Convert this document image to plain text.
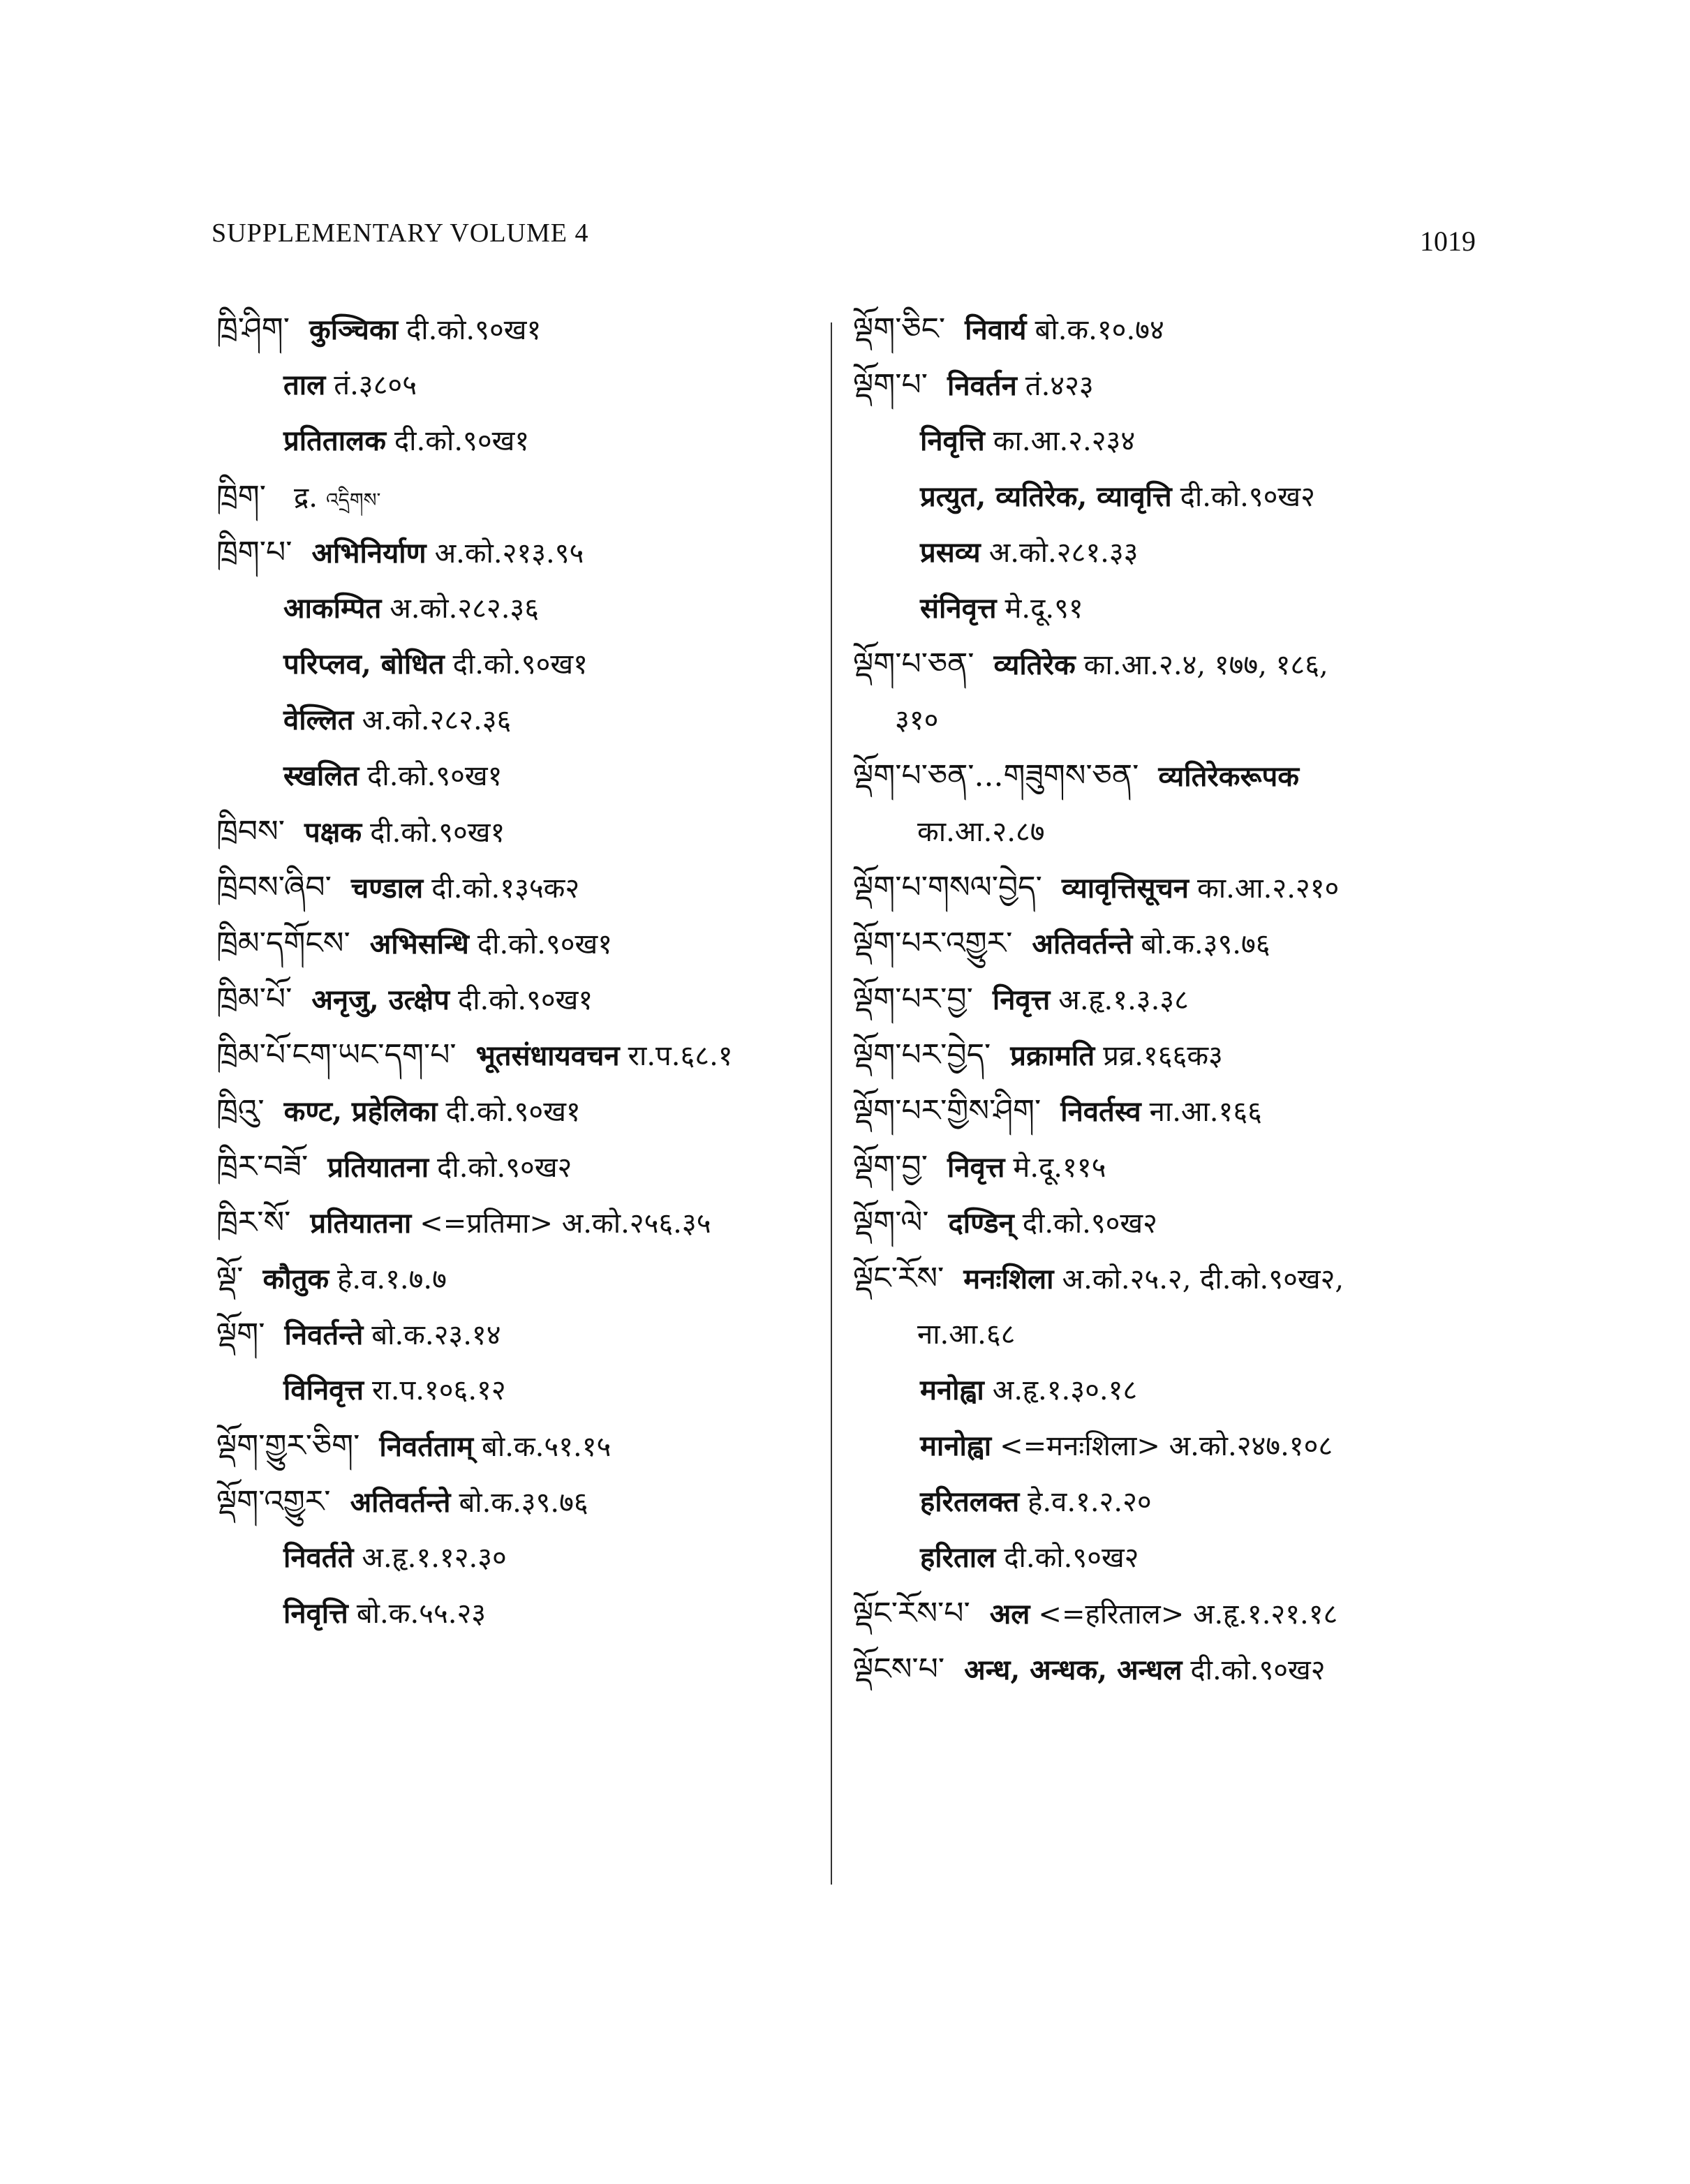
SUPPLEMENTARY VOLUME 4	1019
ཁྲི་ཤིག་ कुञ्चिका दी.को.९०ख१
ताल तं.३८०५
प्रतितालक दी.को.९०ख१
ཁྲིག་ द्र. འདྲིགས་
ཁྲིག་པ་ अभिनिर्याण अ.को.२१३.९५
आकम्पित अ.को.२८२.३६
परिप्लव, बोधित दी.को.९०ख१
वेल्लित अ.को.२८२.३६
स्खलित दी.को.९०ख१
ཁྲིབས་ पक्षक दी.को.९०ख१
ཁྲིབས་ཞིབ་ चण्डाल दी.को.१३५क२
ཁྲིམ་དགོངས་ अभिसन्धि दी.को.९०ख१
ཁྲིམ་པོ་ अनृजु, उत्क्षेप दी.को.९०ख१
ཁྲིམ་པོ་ངག་ཡང་དག་པ་ भूतसंधायवचन रा.प.६८.१
ཁྲིའུ་ कण्ट, प्रहेलिका दी.को.९०ख१
ཁྲིར་བཟོ་ प्रतियातना दी.को.९०ख२
ཁྲིར་སོ་ प्रतियातना <=प्रतिमा> अ.को.२५६.३५
ལྡོ་ कौतुक हे.व.१.७.७
ལྡོག་ निवर्तन्ते बो.क.२३.१४
विनिवृत्त रा.प.१०६.१२
ལྡོག་གྱུར་ཅིག་ निवर्तताम् बो.क.५१.१५
ལྡོག་འགྱུར་ अतिवर्तन्ते बो.क.३९.७६
निवर्तते अ.हृ.१.१२.३०
निवृत्ति बो.क.५५.२३
ལྡོག་ཅིང་ निवार्य बो.क.१०.७४
ལྡོག་པ་ निवर्तन तं.४२३
निवृत्ति का.आ.२.२३४
प्रत्युत, व्यतिरेक, व्यावृत्ति दी.को.९०ख२
प्रसव्य अ.को.२८१.३३
संनिवृत्त मे.दू.९१
ལྡོག་པ་ཅན་ व्यतिरेक का.आ.२.४, १७७, १८६,
३१०
ལྡོག་པ་ཅན་...གཟུགས་ཅན་ व्यतिरेकरूपक
का.आ.२.८७
ལྡོག་པ་གསལ་བྱེད་ व्यावृत्तिसूचन का.आ.२.२१०
ལྡོག་པར་འགྱུར་ अतिवर्तन्ते बो.क.३९.७६
ལྡོག་པར་བྱ་ निवृत्त अ.हृ.१.३.३८
ལྡོག་པར་བྱེད་ प्रक्रामति प्रव्र.१६६क३
ལྡོག་པར་གྱིས་ཤིག་ निवर्तस्व ना.आ.१६६
ལྡོག་བྱ་ निवृत्त मे.दू.११५
ལྡོག་ལེ་ दण्डिन् दी.को.९०ख२
ལྡོང་རོས་ मनःशिला अ.को.२५.२, दी.को.९०ख२,
ना.आ.६८
मनोह्वा अ.हृ.१.३०.१८
मानोह्वा <=मनःशिला> अ.को.२४७.१०८
हरितलक्त हे.व.१.२.२०
हरिताल दी.को.९०ख२
ལྡོང་རོས་པ་ अल <=हरिताल> अ.हृ.१.२१.१८
ལྡོངས་པ་ अन्ध, अन्धक, अन्धल दी.को.९०ख२
